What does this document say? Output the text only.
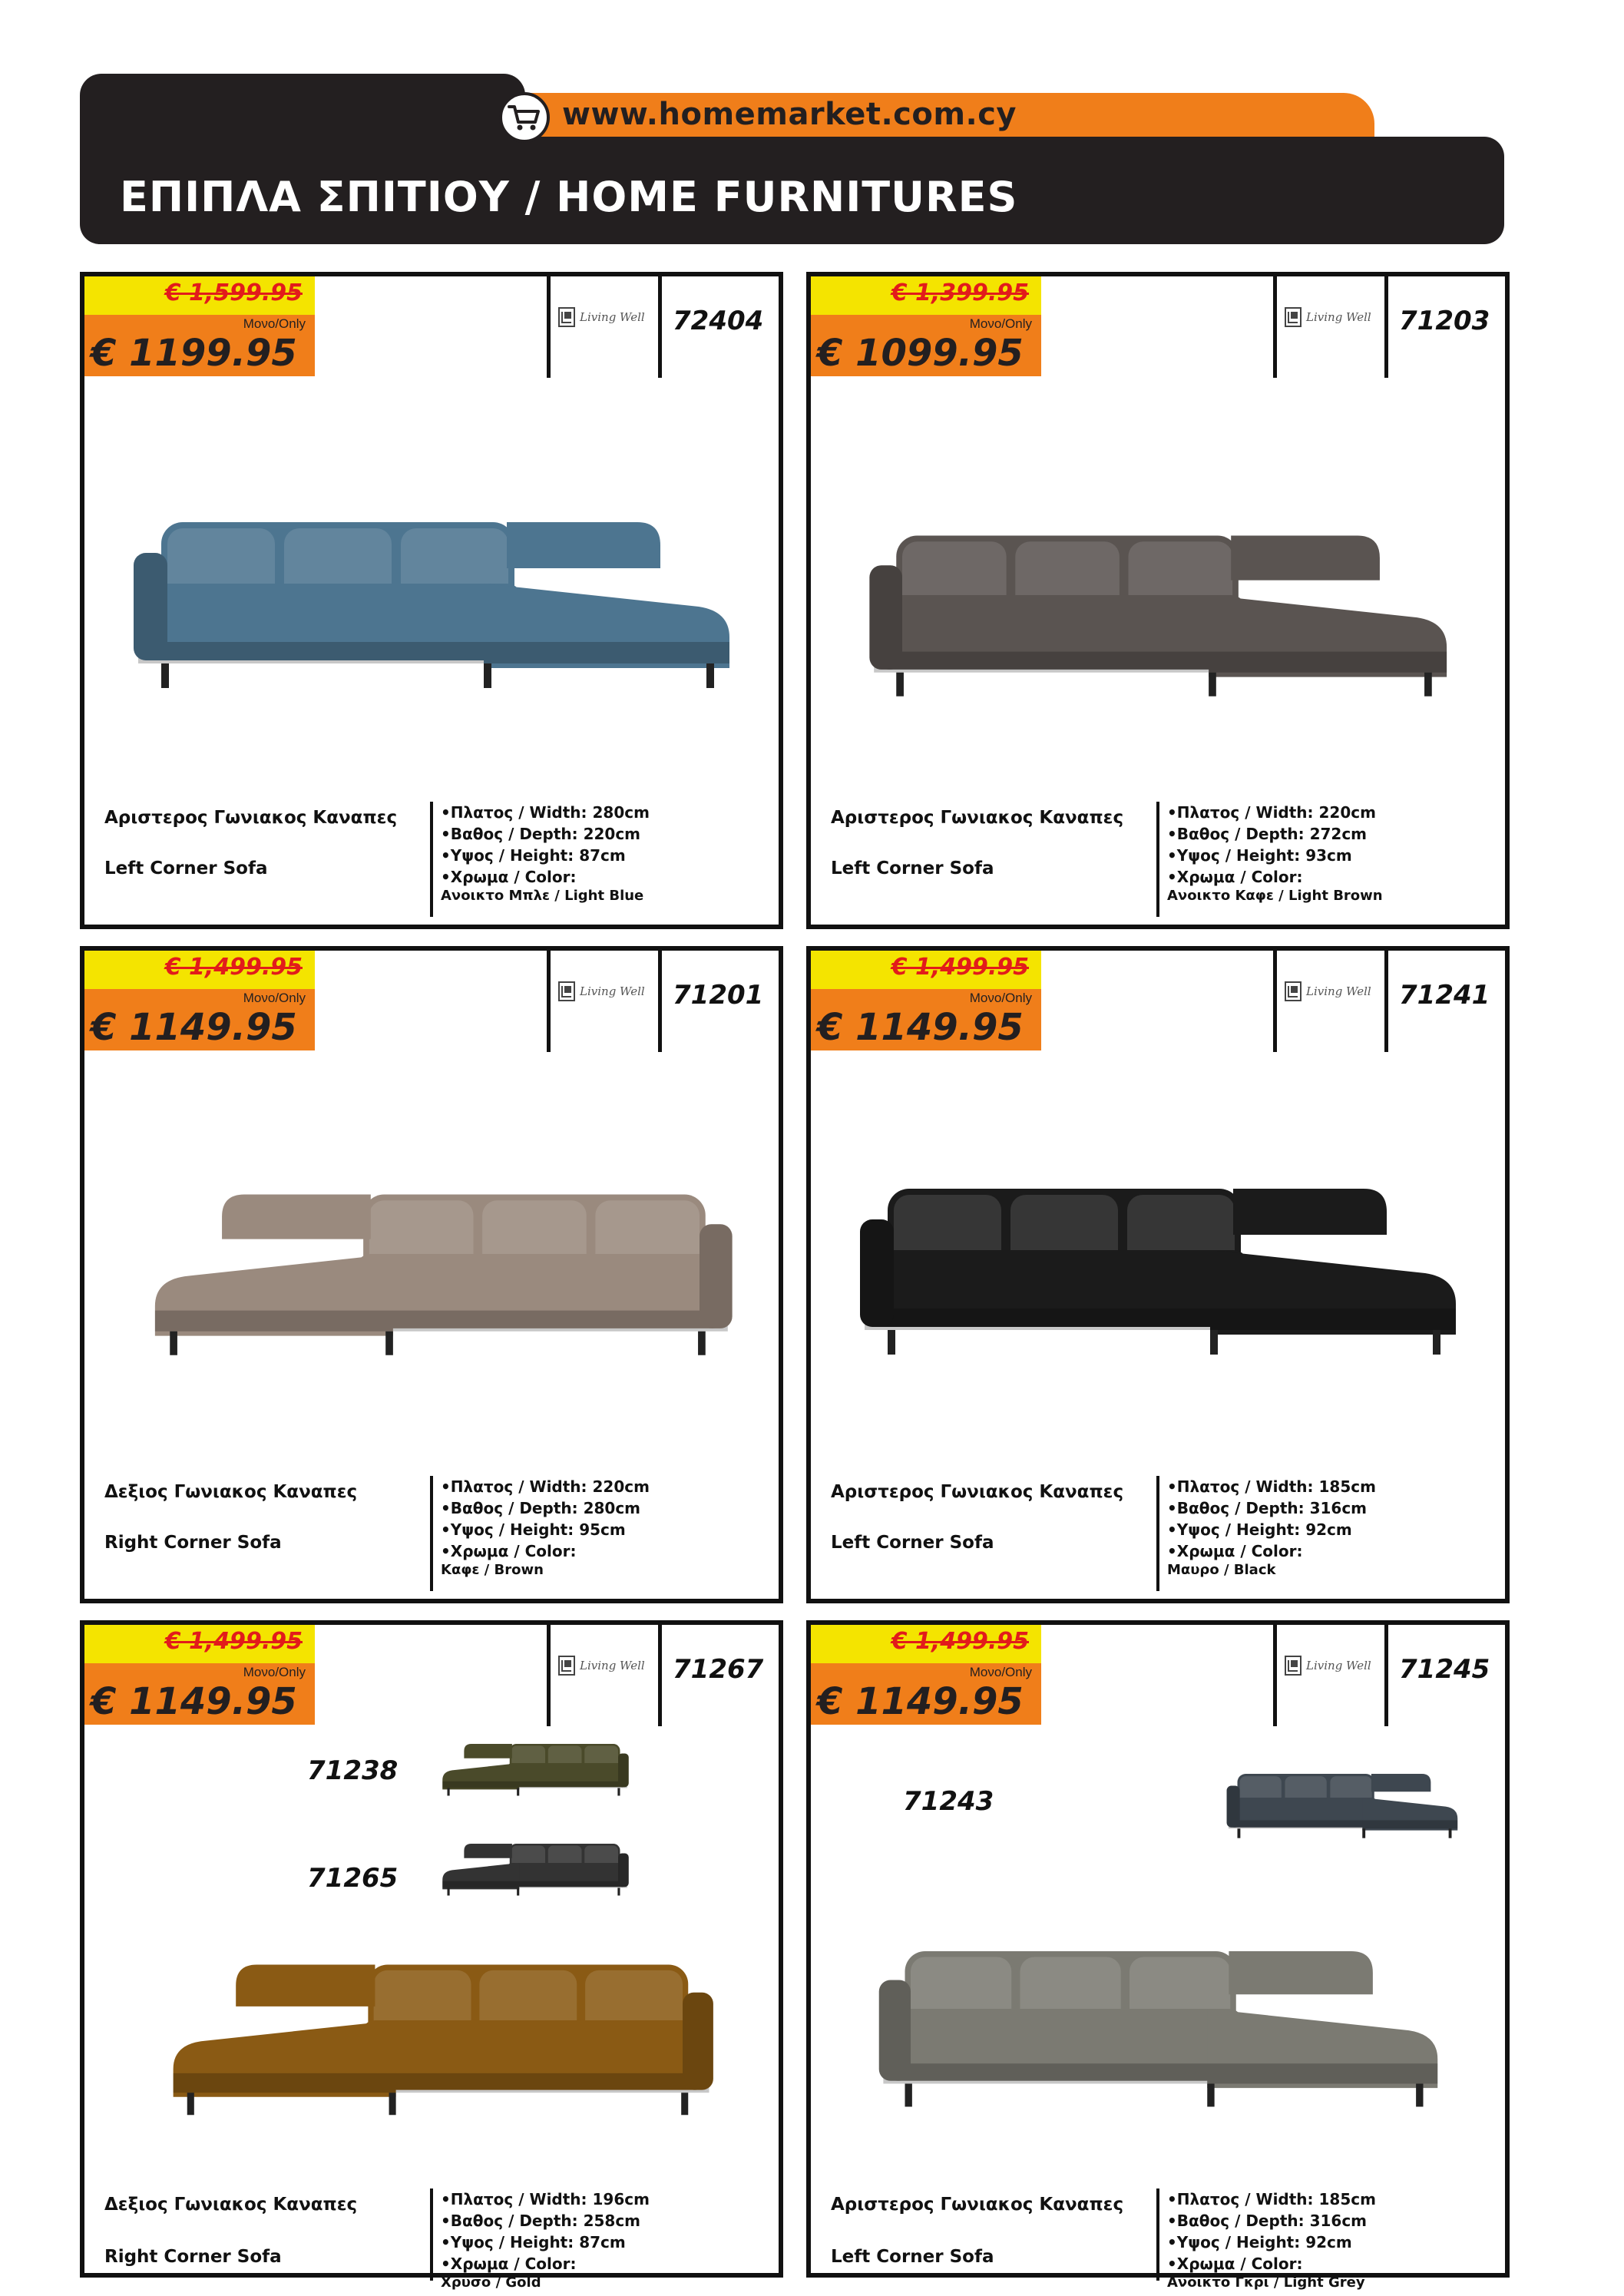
www.homemarket.com.cy
ΕΠΙΠΛΑ ΣΠΙΤΙΟΥ / HOME FURNITURES
€ 1,599.95
Μονο/Only
€ 1199.95
Living Well 72404
Αριστερος Γωνιακος Καναπες
Left Corner Sofa
•Πλατος / Width: 280cm
•Βαθος / Depth: 220cm
•Υψος / Height: 87cm
•Χρωμα / Color:
Ανοικτο Μπλε / Light Blue
€ 1,399.95
Μονο/Only
€ 1099.95
Living Well 71203
Αριστερος Γωνιακος Καναπες
Left Corner Sofa
•Πλατος / Width: 220cm
•Βαθος / Depth: 272cm
•Υψος / Height: 93cm
•Χρωμα / Color:
Ανοικτο Καφε / Light Brown
€ 1,499.95
Μονο/Only
€ 1149.95
Living Well 71201
Δεξιος Γωνιακος Καναπες
Right Corner Sofa
•Πλατος / Width: 220cm
•Βαθος / Depth: 280cm
•Υψος / Height: 95cm
•Χρωμα / Color:
Καφε / Brown
€ 1,499.95
Μονο/Only
€ 1149.95
Living Well 71241
Αριστερος Γωνιακος Καναπες
Left Corner Sofa
•Πλατος / Width: 185cm
•Βαθος / Depth: 316cm
•Υψος / Height: 92cm
•Χρωμα / Color:
Μαυρο / Black
€ 1,499.95
Μονο/Only
€ 1149.95
Living Well 71267
Δεξιος Γωνιακος Καναπες
Right Corner Sofa
•Πλατος / Width: 196cm
•Βαθος / Depth: 258cm
•Υψος / Height: 87cm
•Χρωμα / Color:
Χρυσο / Gold
71238
71265
€ 1,499.95
Μονο/Only
€ 1149.95
Living Well 71245
Αριστερος Γωνιακος Καναπες
Left Corner Sofa
•Πλατος / Width: 185cm
•Βαθος / Depth: 316cm
•Υψος / Height: 92cm
•Χρωμα / Color:
Ανοικτο Γκρι / Light Grey
71243
